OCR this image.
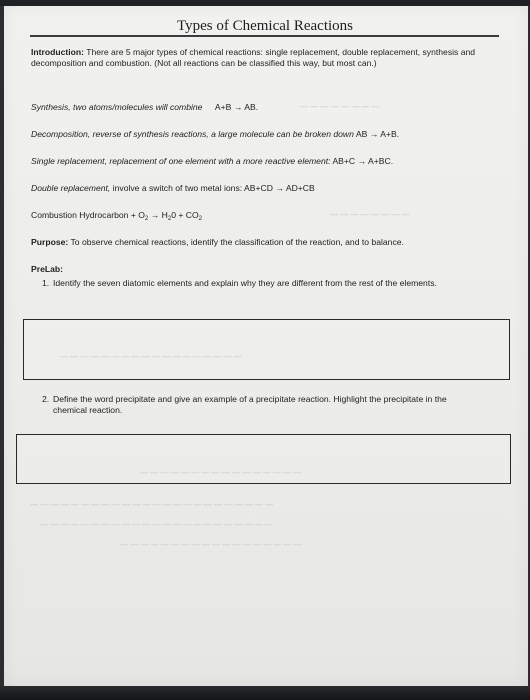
Types of Chemical Reactions
Introduction: There are 5 major types of chemical reactions: single replacement, double replacement, synthesis and decomposition and combustion. (Not all reactions can be classified this way, but most can.)
Synthesis, two atoms/molecules will combine A+B → AB.
Decomposition, reverse of synthesis reactions, a large molecule can be broken down AB → A+B.
Single replacement, replacement of one element with a more reactive element: AB+C → A+BC.
Double replacement, involve a switch of two metal ions: AB+CD → AD+CB
Combustion Hydrocarbon + $O_2 \to H_20 + CO_2$
Purpose: To observe chemical reactions, identify the classification of the reaction, and to balance.
PreLab:
1. Identify the seven diatomic elements and explain why they are different from the rest of the elements.
2. Define the word precipitate and give an example of a precipitate reaction. Highlight the precipitate in the chemical reaction.
— — — — — — — —
— — — — — — — —
— — — — — — — — — — — — — — — — — —
— — — — — — — — — — — — — — — —
— — — — — — — — — — — — — — — — — — — — — — — —
— — — — — — — — — — — — — — — — — — — — — — —
— — — — — — — — — — — — — — — — — —
